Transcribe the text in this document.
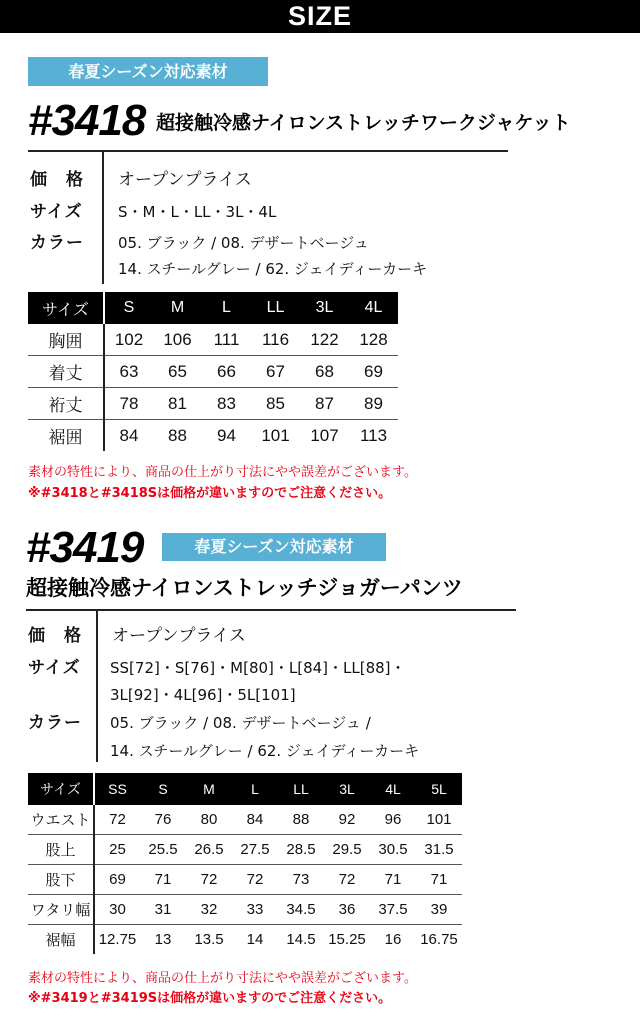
SIZE
春夏シーズン対応素材
#3418 超接触冷感ナイロンストレッチワークジャケット
価　格 オープンプライス
サイズ S・M・L・LL・3L・4L
カラー 05. ブラック / 08. デザートベージュ
14. スチールグレー / 62. ジェイディーカーキ
サイズ	S	M	L	LL	3L	4L
胸囲	102	106	111	116	122	128
着丈	63	65	66	67	68	69
裄丈	78	81	83	85	87	89
裾囲	84	88	94	101	107	113
素材の特性により、商品の仕上がり寸法にやや誤差がございます。
※#3418と#3418Sは価格が違いますのでご注意ください。
#3419	春夏シーズン対応素材
超接触冷感ナイロンストレッチジョガーパンツ
価　格 オープンプライス
サイズ SS[72]・S[76]・M[80]・L[84]・LL[88]・
3L[92]・4L[96]・5L[101]
カラー 05. ブラック / 08. デザートベージュ /
14. スチールグレー / 62. ジェイディーカーキ
サイズ	SS	S	M	L	LL	3L	4L	5L
ウエスト	72	76	80	84	88	92	96	101
股上	25	25.5	26.5	27.5	28.5	29.5	30.5	31.5
股下	69	71	72	72	73	72	71	71
ワタリ幅	30	31	32	33	34.5	36	37.5	39
裾幅	12.75	13	13.5	14	14.5	15.25	16	16.75
素材の特性により、商品の仕上がり寸法にやや誤差がございます。
※#3419と#3419Sは価格が違いますのでご注意ください。
